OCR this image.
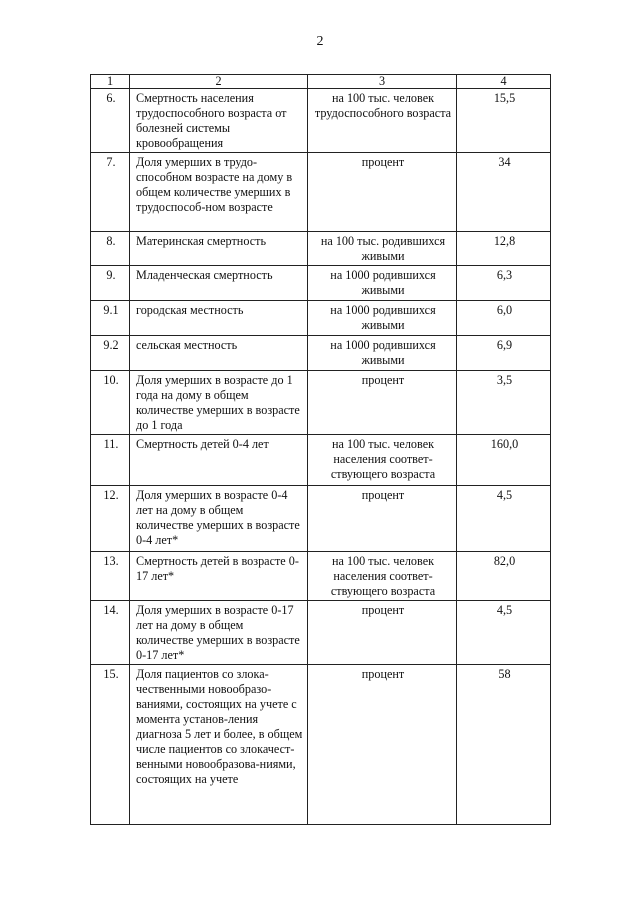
2
1	2	3	4
6.	Смертность населения трудоспособного возраста от болезней системы кровообращения	на 100 тыс. человек трудоспособного возраста	15,5
7.	Доля умерших в трудо-способном возрасте на дому в общем количестве умерших в трудоспособ-ном возрасте	процент	34
8.	Материнская смертность	на 100 тыс. родившихся живыми	12,8
9.	Младенческая смертность	на 1000 родившихся живыми	6,3
9.1	городская местность	на 1000 родившихся живыми	6,0
9.2	сельская местность	на 1000 родившихся живыми	6,9
10.	Доля умерших в возрасте до 1 года на дому в общем количестве умерших в возрасте до 1 года	процент	3,5
11.	Смертность детей 0-4 лет	на 100 тыс. человек населения соответ-ствующего возраста	160,0
12.	Доля умерших в возрасте 0-4 лет на дому в общем количестве умерших в возрасте 0-4 лет*	процент	4,5
13.	Смертность детей в возрасте 0-17 лет*	на 100 тыс. человек населения соответ-ствующего возраста	82,0
14.	Доля умерших в возрасте 0-17 лет на дому в общем количестве умерших в возрасте 0-17 лет*	процент	4,5
15.	Доля пациентов со злока-чественными новообразо-ваниями, состоящих на учете с момента установ-ления диагноза 5 лет и более, в общем числе пациентов со злокачест-венными новообразова-ниями, состоящих на учете	процент	58
